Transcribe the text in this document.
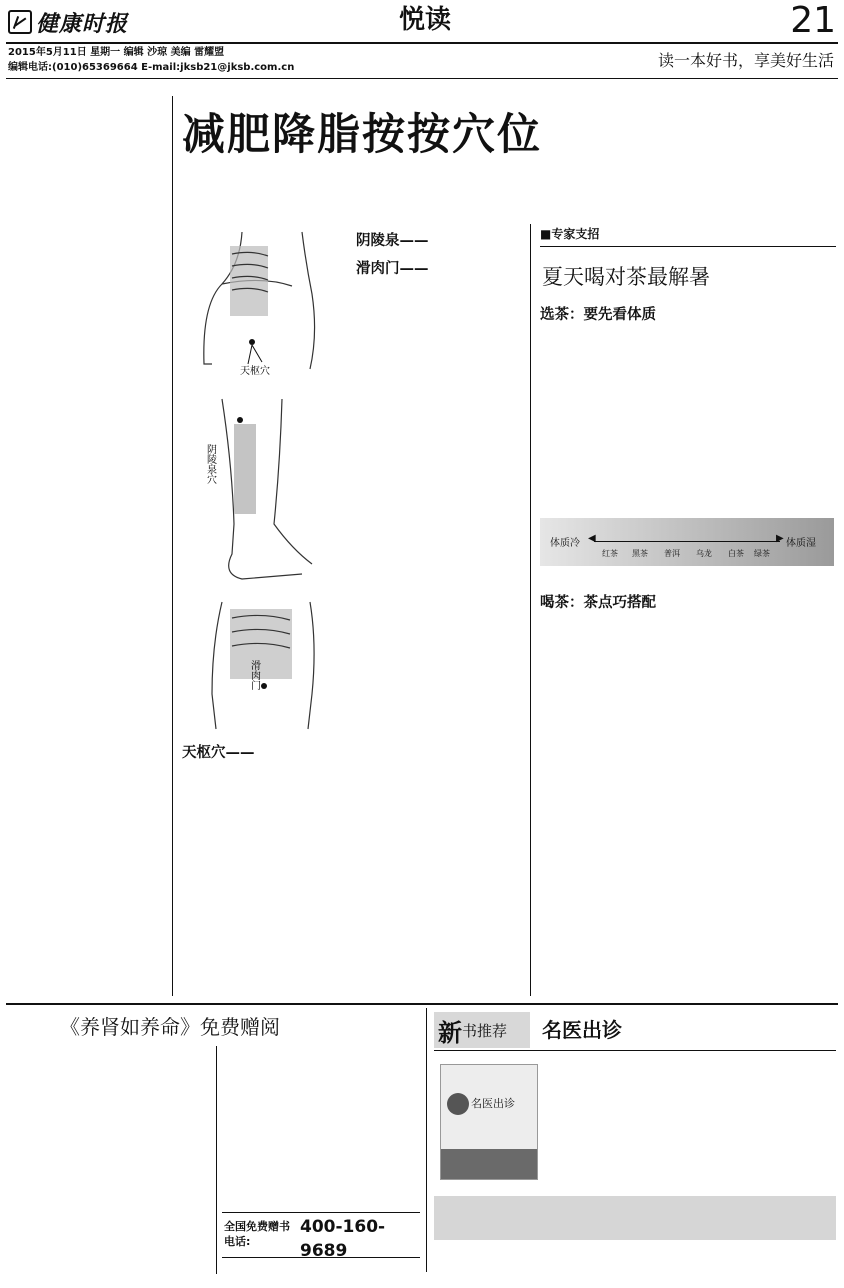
健康时报	悦读	21
2015年5月11日 星期一 编辑 沙琼 美编 雷耀盟
编辑电话:(010)65369664 E-mail:jksb21@jksb.com.cn	读一本好书，享美好生活

减肥降脂按按穴位

天枢穴
阴陵泉穴
滑肉门
天枢穴——

阴陵泉——

滑肉门——

■专家支招
夏天喝对茶最解暑

选茶：要先看体质

体质冷	体质湿
◀	▶
红茶 黑茶 普洱 乌龙 白茶 绿茶

喝茶：茶点巧搭配

《养肾如养命》免费赠阅

全国免费赠书电话:
400-160-9689
新 书推荐 名医出诊
名医出诊
